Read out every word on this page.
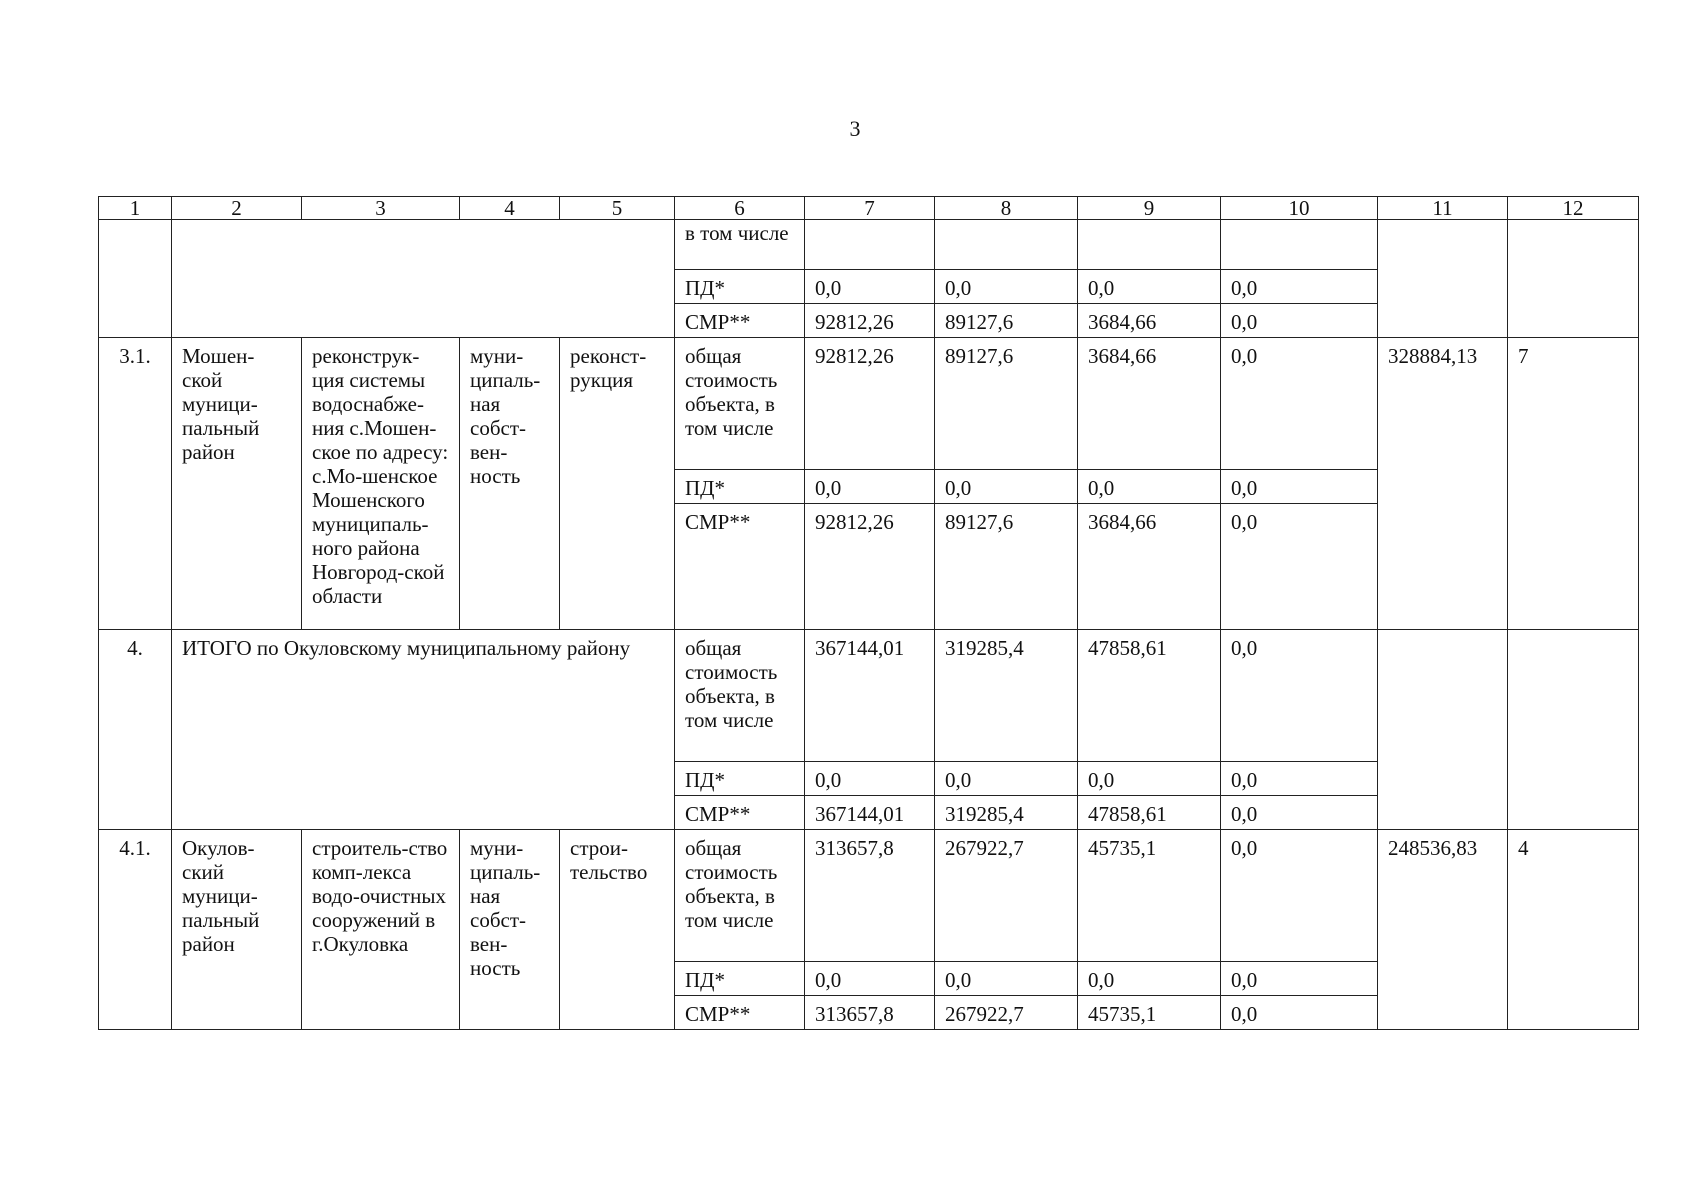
3
1	2	3	4	5	6	7	8	9	10	11	12
					в том числе						
					ПД*	0,0	0,0	0,0	0,0		
					СМР**	92812,26	89127,6	3684,66	0,0		
3.1.	Мошен-ской муници-пальный район	реконструк-ция системы водоснабже-ния с.Мошен-ское по адресу: с.Мо-шенское Мошенского муниципаль-ного района Новгород-ской области	муни-ципаль-ная собст-вен-ность	реконст-рукция	общая стоимость объекта, в том числе	92812,26	89127,6	3684,66	0,0	328884,13	7
					ПД*	0,0	0,0	0,0	0,0		
					СМР**	92812,26	89127,6	3684,66	0,0		
4.	ИТОГО по Окуловскому муниципальному району				общая стоимость объекта, в том числе	367144,01	319285,4	47858,61	0,0		
					ПД*	0,0	0,0	0,0	0,0		
					СМР**	367144,01	319285,4	47858,61	0,0		
4.1.	Окулов-ский муници-пальный район	строитель-ство комп-лекса водо-очистных сооружений в г.Окуловка	муни-ципаль-ная собст-вен-ность	строи-тельство	общая стоимость объекта, в том числе	313657,8	267922,7	45735,1	0,0	248536,83	4
					ПД*	0,0	0,0	0,0	0,0		
					СМР**	313657,8	267922,7	45735,1	0,0		
